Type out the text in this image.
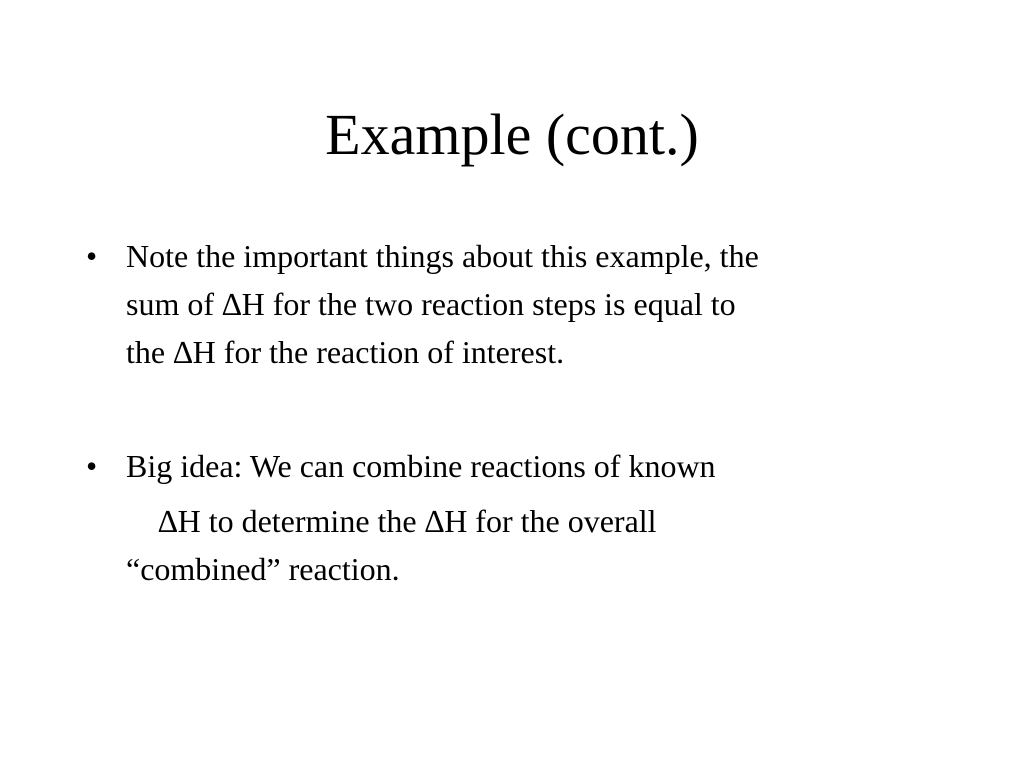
Example (cont.)
• Note the important things about this example, the
sum of ∆H for the two reaction steps is equal to
the ∆H for the reaction of interest.
• Big idea: We can combine reactions of known
∆H to determine the ∆H for the overall
“combined” reaction.
